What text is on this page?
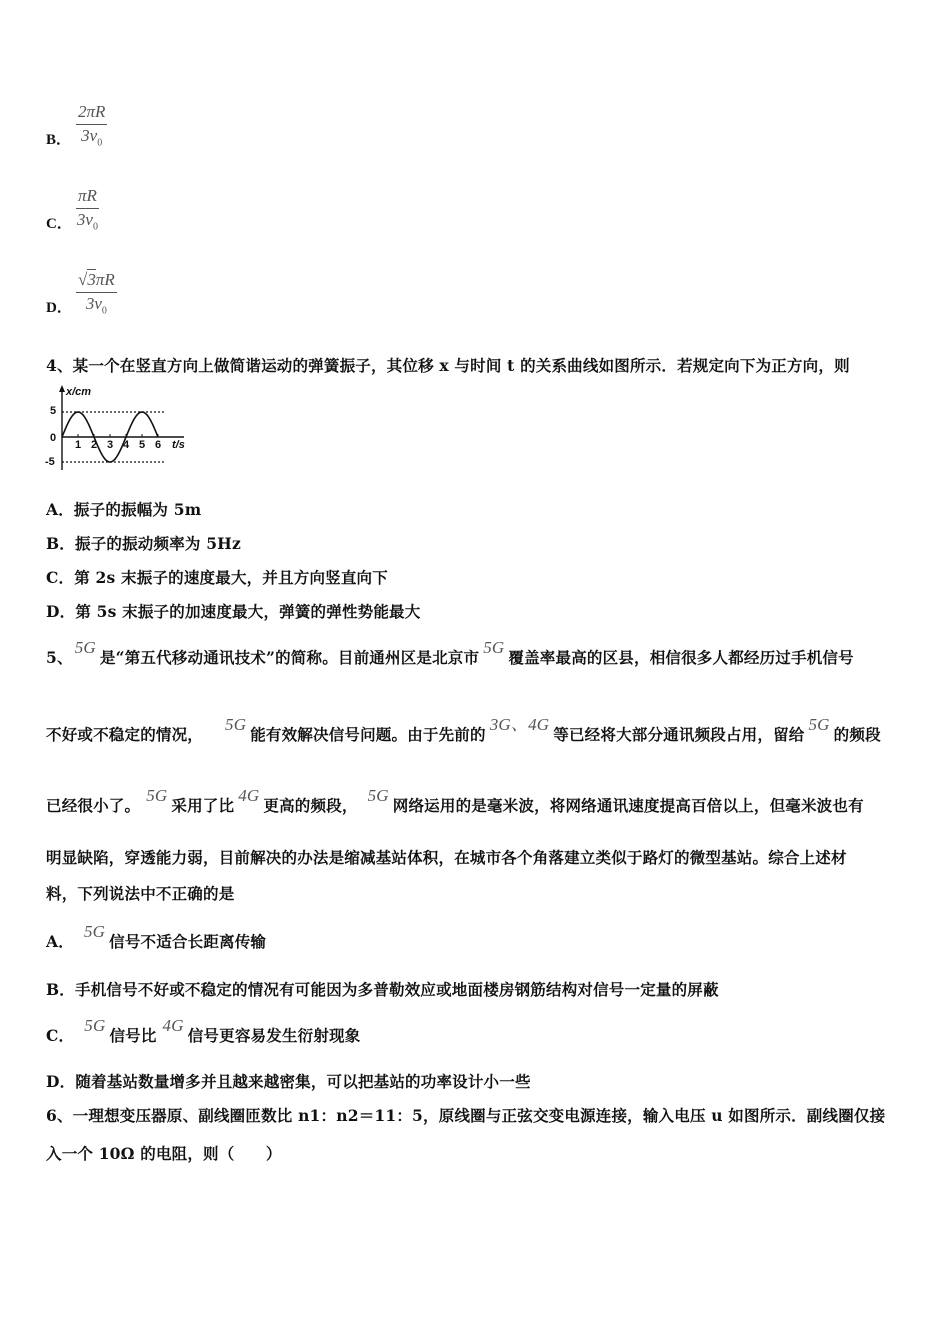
B． $\frac{2\pi R}{3v_0}$
C． $\frac{\pi R}{3v_0}$
D． $\frac{√3\pi R}{3v_0}$
4、某一个在竖直方向上做简谐运动的弹簧振子，其位移 x 与时间 t 的关系曲线如图所示．若规定向下为正方向，则
x/cm
t/s
5
0
-5
1 2 3 4 5 6
A．振子的振幅为 5m
B．振子的振动频率为 5Hz
C．第 2s 末振子的速度最大，并且方向竖直向下
D．第 5s 末振子的加速度最大，弹簧的弹性势能最大
5、5G是“第五代移动通讯技术”的简称。目前通州区是北京市5G覆盖率最高的区县，相信很多人都经历过手机信号
不好或不稳定的情况，5G能有效解决信号问题。由于先前的3G、4G等已经将大部分通讯频段占用，留给5G的频段
已经很小了。5G采用了比4G更高的频段，5G网络运用的是毫米波，将网络通讯速度提高百倍以上，但毫米波也有
明显缺陷，穿透能力弱，目前解决的办法是缩减基站体积，在城市各个角落建立类似于路灯的微型基站。综合上述材
料，下列说法中不正确的是
A．5G信号不适合长距离传输
B．手机信号不好或不稳定的情况有可能因为多普勒效应或地面楼房钢筋结构对信号一定量的屏蔽
C．5G信号比4G信号更容易发生衍射现象
D．随着基站数量增多并且越来越密集，可以把基站的功率设计小一些
6、一理想变压器原、副线圈匝数比 n1：n2＝11：5，原线圈与正弦交变电源连接，输入电压 u 如图所示．副线圈仅接
入一个 10Ω 的电阻，则（　　）
